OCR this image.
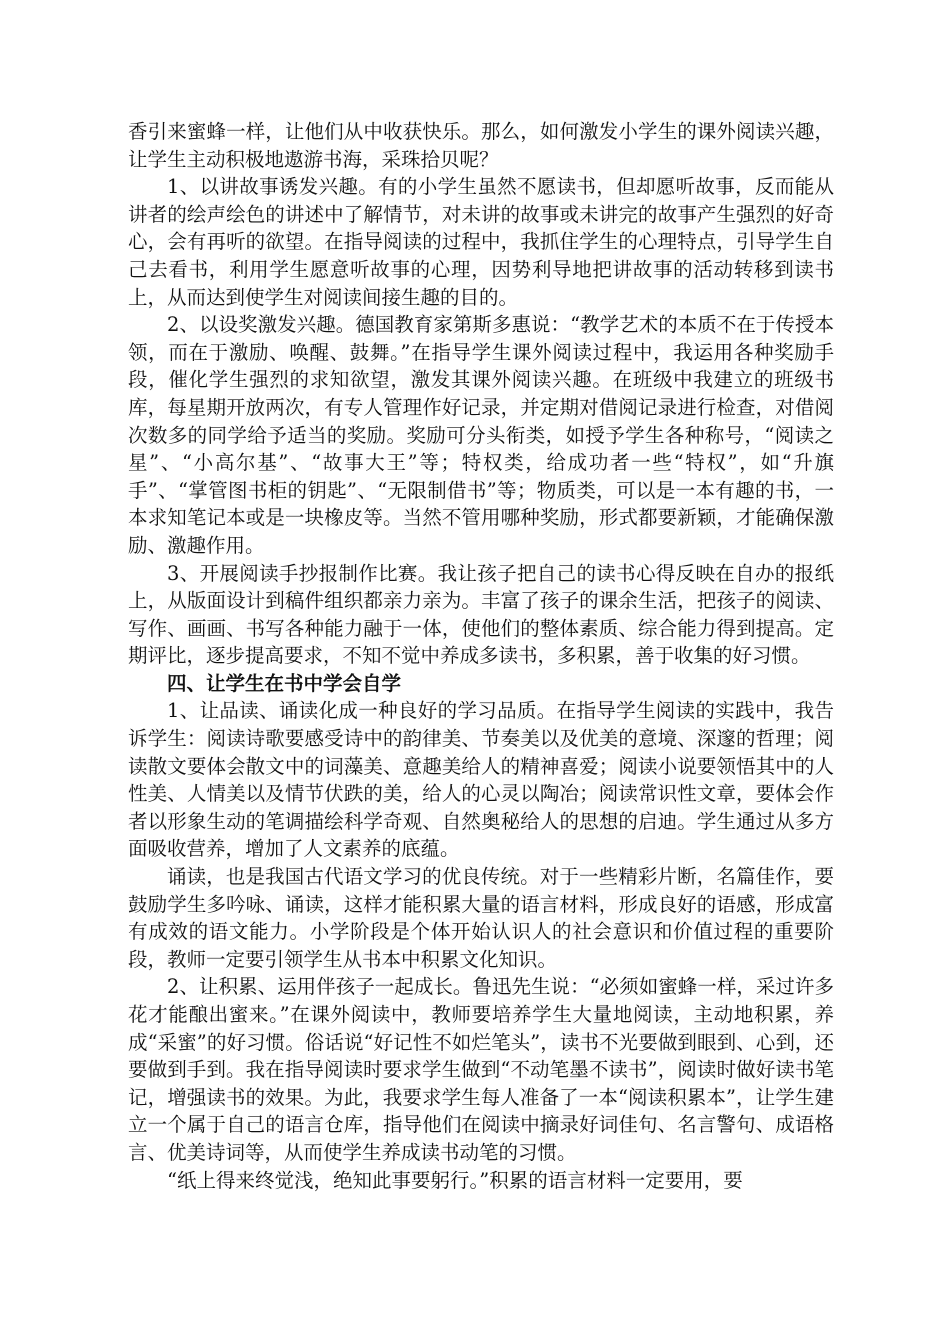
香引来蜜蜂一样，让他们从中收获快乐。那么，如何激发小学生的课外阅读兴趣，让学生主动积极地遨游书海，采珠拾贝呢？

1、以讲故事诱发兴趣。有的小学生虽然不愿读书，但却愿听故事，反而能从讲者的绘声绘色的讲述中了解情节，对未讲的故事或未讲完的故事产生强烈的好奇心，会有再听的欲望。在指导阅读的过程中，我抓住学生的心理特点，引导学生自己去看书，利用学生愿意听故事的心理，因势利导地把讲故事的活动转移到读书上，从而达到使学生对阅读间接生趣的目的。

2、以设奖激发兴趣。德国教育家第斯多惠说：“教学艺术的本质不在于传授本领，而在于激励、唤醒、鼓舞。”在指导学生课外阅读过程中，我运用各种奖励手段，催化学生强烈的求知欲望，激发其课外阅读兴趣。在班级中我建立的班级书库，每星期开放两次，有专人管理作好记录，并定期对借阅记录进行检查，对借阅次数多的同学给予适当的奖励。奖励可分头衔类，如授予学生各种称号，“阅读之星”、“小高尔基”、“故事大王”等；特权类，给成功者一些“特权”，如“升旗手”、“掌管图书柜的钥匙”、“无限制借书”等；物质类，可以是一本有趣的书，一本求知笔记本或是一块橡皮等。当然不管用哪种奖励，形式都要新颖，才能确保激励、激趣作用。

3、开展阅读手抄报制作比赛。我让孩子把自己的读书心得反映在自办的报纸上，从版面设计到稿件组织都亲力亲为。丰富了孩子的课余生活，把孩子的阅读、写作、画画、书写各种能力融于一体，使他们的整体素质、综合能力得到提高。定期评比，逐步提高要求，不知不觉中养成多读书，多积累，善于收集的好习惯。

四、让学生在书中学会自学

1、让品读、诵读化成一种良好的学习品质。在指导学生阅读的实践中，我告诉学生：阅读诗歌要感受诗中的韵律美、节奏美以及优美的意境、深邃的哲理；阅读散文要体会散文中的词藻美、意趣美给人的精神喜爱；阅读小说要领悟其中的人性美、人情美以及情节伏跌的美，给人的心灵以陶冶；阅读常识性文章，要体会作者以形象生动的笔调描绘科学奇观、自然奥秘给人的思想的启迪。学生通过从多方面吸收营养，增加了人文素养的底蕴。

诵读，也是我国古代语文学习的优良传统。对于一些精彩片断，名篇佳作，要鼓励学生多吟咏、诵读，这样才能积累大量的语言材料，形成良好的语感，形成富有成效的语文能力。小学阶段是个体开始认识人的社会意识和价值过程的重要阶段，教师一定要引领学生从书本中积累文化知识。

2、让积累、运用伴孩子一起成长。鲁迅先生说：“必须如蜜蜂一样，采过许多花才能酿出蜜来。”在课外阅读中，教师要培养学生大量地阅读，主动地积累，养成“采蜜”的好习惯。俗话说“好记性不如烂笔头”，读书不光要做到眼到、心到，还要做到手到。我在指导阅读时要求学生做到“不动笔墨不读书”，阅读时做好读书笔记，增强读书的效果。为此，我要求学生每人准备了一本“阅读积累本”，让学生建立一个属于自己的语言仓库，指导他们在阅读中摘录好词佳句、名言警句、成语格言、优美诗词等，从而使学生养成读书动笔的习惯。

“纸上得来终觉浅，绝知此事要躬行。”积累的语言材料一定要用，要
